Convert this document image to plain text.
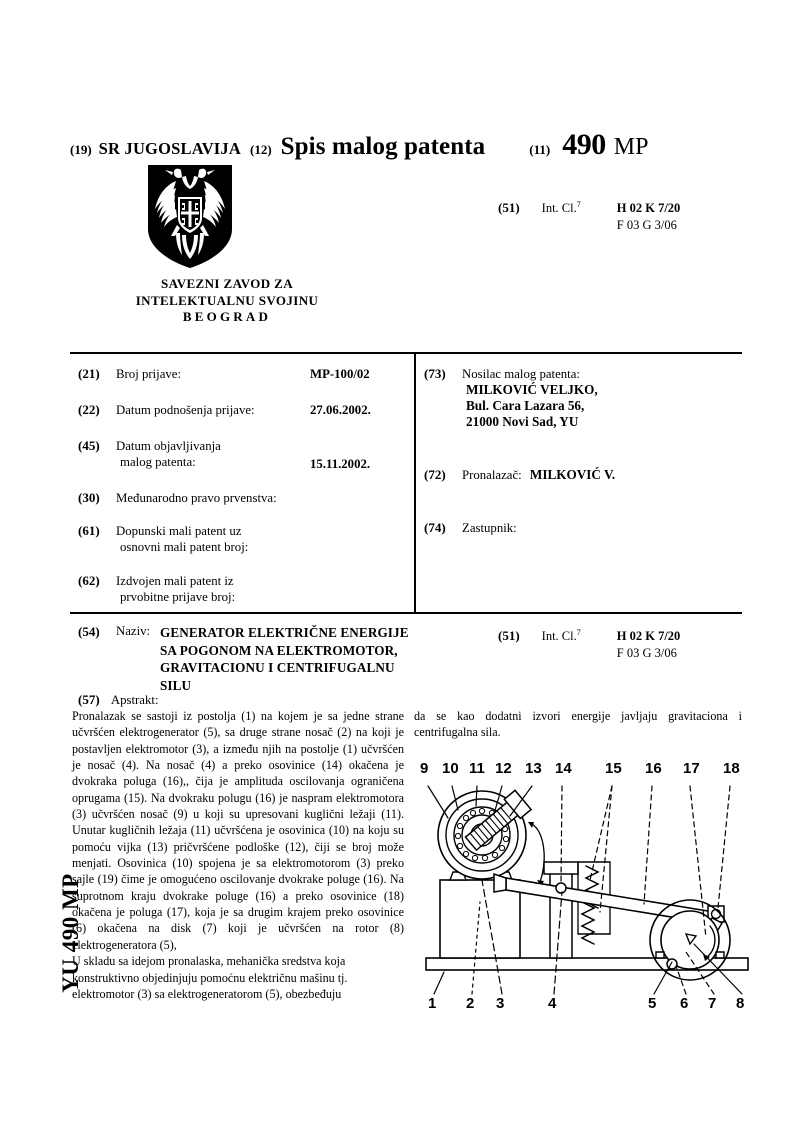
(19) SR JUGOSLAVIJA (12) Spis malog patenta	(11) 490 MP
SAVEZNI ZAVOD ZA
INTELEKTUALNU SVOJINU
BEOGRAD
(51) Int. Cl.$^7$	H 02 K 7/20
F 03 G 3/06
(21)	Broj prijave:	MP-100/02
(22)	Datum podnošenja prijave:	27.06.2002.
(45)	Datum objavljivanja
malog patenta:	15.11.2002.
(30)	Međunarodno pravo prvenstva:
(61)	Dopunski mali patent uz
osnovni mali patent broj:
(62)	Izdvojen mali patent iz
prvobitne prijave broj:
(73)	Nosilac malog patenta:
MILKOVIĆ VELJKO,
Bul. Cara Lazara 56,
21000 Novi Sad, YU
(72)	Pronalazač: MILKOVIĆ V.
(74)	Zastupnik:
(54) Naziv: GENERATOR ELEKTRIČNE ENERGIJE
SA POGONOM NA ELEKTROMOTOR,
GRAVITACIONU I CENTRIFUGALNU
SILU
(51) Int. Cl.$^7$	H 02 K 7/20
F 03 G 3/06
(57) Apstrakt:

Pronalazak se sastoji iz postolja (1) na kojem je sa jedne strane učvršćen elektrogenerator (5), sa druge strane nosač (2) na koji je postavljen elektromotor (3), a između njih na postolje (1) učvršćen je nosač (4). Na nosač (4) a preko osovinice (14) okačena je dvokraka poluga (16),, čija je amplituda oscilovanja ograničena oprugama (15). Na dvokraku polugu (16) je naspram elektromotora (3) učvršćen nosač (9) u koji su upresovani kuglični ležaji (11). Unutar kugličnih ležaja (11) učvršćena je osovinica (10) na koju su pomoću vijka (13) pričvršćene podloške (12), čiji se broj može menjati. Osovinica (10) spojena je sa elektromotorom (3) preko sajle (19) čime je omogućeno oscilovanje dvokrake poluge (16). Na suprotnom kraju dvokrake poluge (16) a preko osovinice (18) okačena je poluga (17), koja je sa drugim krajem preko osovinice (6) okačena na disk (7) koji je učvršćen na rotor (8) elektrogeneratora (5),

U skladu sa idejom pronalaska, mehanička sredstva koja konstruktivno objedinjuju pomoćnu električnu mašinu tj. elektromotor (3) sa elektrogeneratorom (5), obezbeđuju

da se kao dodatni izvori energije javljaju gravitaciona i centrifugalna sila.

YU 490 MP
9 10 11 12 13 14 15 16 17 18
1 2 3	4	5 6 7 8
